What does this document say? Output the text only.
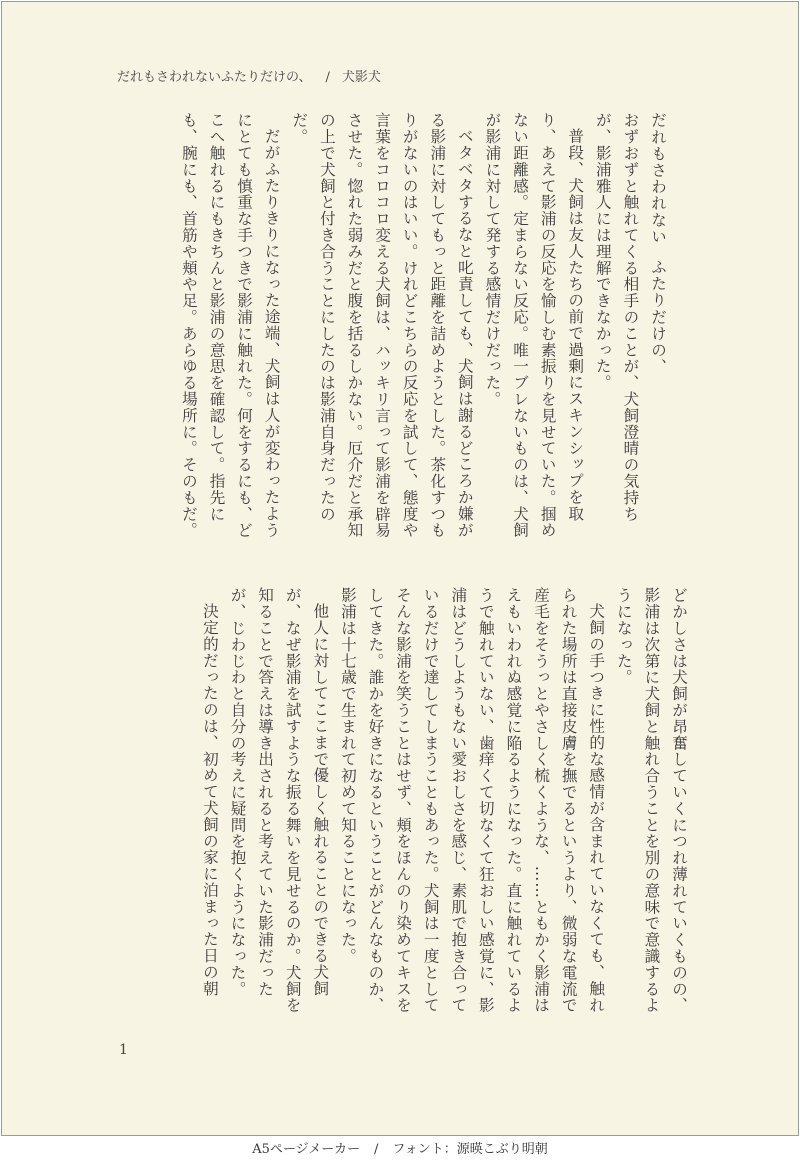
だれもさわれないふたりだけの、 / 犬影犬

だれもさわれないふたりだけの、

おずおずと触れてくる相手のことが、犬飼澄晴の気持ちが、影浦雅人には理解できなかった。

普段、犬飼は友人たちの前で過剰にスキンシップを取り、あえて影浦の反応を愉しむ素振りを見せていた。掴めない距離感。定まらない反応。唯一ブレないものは、犬飼が影浦に対して発する感情だけだった。

ベタベタするなと叱責しても、犬飼は謝るどころか嫌がる影浦に対してもっと距離を詰めようとした。茶化すつもりがないのはいい。けれどこちらの反応を試して、態度や言葉をコロコロ変える犬飼は、ハッキリ言って影浦を辟易させた。惚れた弱みだと腹を括るしかない。厄介だと承知の上で犬飼と付き合うことにしたのは影浦自身だったのだ。

だがふたりきりになった途端、犬飼は人が変わったようにとても慎重な手つきで影浦に触れた。何をするにも、どこへ触れるにもきちんと影浦の意思を確認して。指先にも、腕にも、首筋や頬や足。あらゆる場所に。そのもだ。

どかしさは犬飼が昂奮していくにつれ薄れていくものの、影浦は次第に犬飼と触れ合うことを別の意味で意識するようになった。

犬飼の手つきに性的な感情が含まれていなくても、触れられた場所は直接皮膚を撫でるというより、微弱な電流で産毛をそうっとやさしく梳くような、……ともかく影浦はえもいわれぬ感覚に陥るようになった。直に触れているようで触れていない、歯痒くて切なくて狂おしい感覚に、影浦はどうしようもない愛おしさを感じ、素肌で抱き合っているだけで達してしまうこともあった。犬飼は一度としてそんな影浦を笑うことはせず、頬をほんのり染めてキスをしてきた。誰かを好きになるということがどんなものか、影浦は十七歳で生まれて初めて知ることになった。

他人に対してここまで優しく触れることのできる犬飼が、なぜ影浦を試すような振る舞いを見せるのか。犬飼を知ることで答えは導き出されると考えていた影浦だったが、じわじわと自分の考えに疑問を抱くようになった。

決定的だったのは、初めて犬飼の家に泊まった日の朝

1
A5ページメーカー / フォント：源暎こぶり明朝
